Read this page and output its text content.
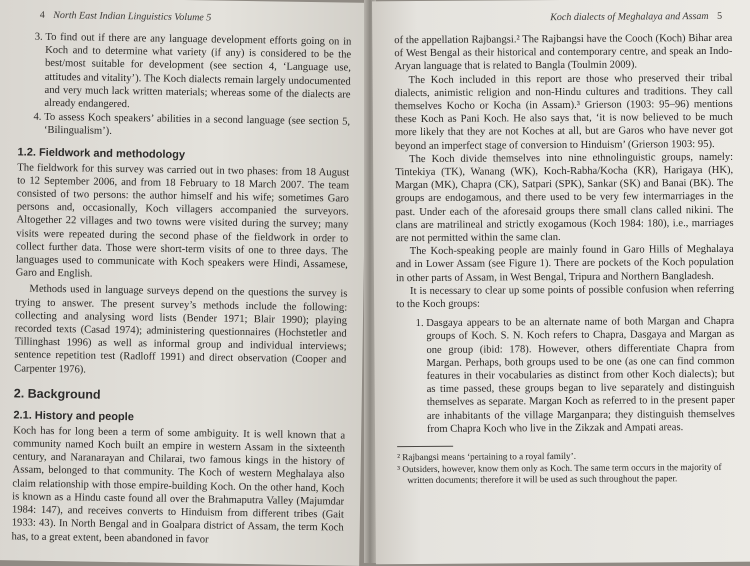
4 North East Indian Linguistics Volume 5
3. To find out if there are any language development efforts going on in Koch and to determine what variety (if any) is considered to be the best/most suitable for development (see section 4, ‘Language use, attitudes and vitality’). The Koch dialects remain largely undocumented and very much lack written materials; whereas some of the dialects are already endangered.
4. To assess Koch speakers’ abilities in a second language (see section 5, ‘Bilingualism’).
1.2. Fieldwork and methodology

The fieldwork for this survey was carried out in two phases: from 18 August to 12 September 2006, and from 18 February to 18 March 2007. The team consisted of two persons: the author himself and his wife; sometimes Garo persons and, occasionally, Koch villagers accompanied the surveyors. Altogether 22 villages and two towns were visited during the survey; many visits were repeated during the second phase of the fieldwork in order to collect further data. Those were short-term visits of one to three days. The languages used to communicate with Koch speakers were Hindi, Assamese, Garo and English.

Methods used in language surveys depend on the questions the survey is trying to answer. The present survey’s methods include the following: collecting and analysing word lists (Bender 1971; Blair 1990); playing recorded texts (Casad 1974); administering questionnaires (Hochstetler and Tillinghast 1996) as well as informal group and individual interviews; sentence repetition test (Radloff 1991) and direct observation (Cooper and Carpenter 1976).

2. Background
2.1. History and people

Koch has for long been a term of some ambiguity. It is well known that a community named Koch built an empire in western Assam in the sixteenth century, and Naranarayan and Chilarai, two famous kings in the history of Assam, belonged to that community. The Koch of western Meghalaya also claim relationship with those empire-building Koch. On the other hand, Koch is known as a Hindu caste found all over the Brahmaputra Valley (Majumdar 1984: 147), and receives converts to Hinduism from different tribes (Gait 1933: 43). In North Bengal and in Goalpara district of Assam, the term Koch has, to a great extent, been abandoned in favor

Koch dialects of Meghalaya and Assam 5

of the appellation Rajbangsi.² The Rajbangsi have the Cooch (Koch) Bihar area of West Bengal as their historical and contemporary centre, and speak an Indo-Aryan language that is related to Bangla (Toulmin 2009).

The Koch included in this report are those who preserved their tribal dialects, animistic religion and non-Hindu cultures and traditions. They call themselves Kocho or Kocha (in Assam).³ Grierson (1903: 95–96) mentions these Koch as Pani Koch. He also says that, ‘it is now believed to be much more likely that they are not Koches at all, but are Garos who have never got beyond an imperfect stage of conversion to Hinduism’ (Grierson 1903: 95).

The Koch divide themselves into nine ethnolinguistic groups, namely: Tintekiya (TK), Wanang (WK), Koch-Rabha/Kocha (KR), Harigaya (HK), Margan (MK), Chapra (CK), Satpari (SPK), Sankar (SK) and Banai (BK). The groups are endogamous, and there used to be very few intermarriages in the past. Under each of the aforesaid groups there small clans called nikini. The clans are matrilineal and strictly exogamous (Koch 1984: 180), i.e., marriages are not permitted within the same clan.

The Koch-speaking people are mainly found in Garo Hills of Meghalaya and in Lower Assam (see Figure 1). There are pockets of the Koch population in other parts of Assam, in West Bengal, Tripura and Northern Bangladesh.

It is necessary to clear up some points of possible confusion when referring to the Koch groups:

1. Dasgaya appears to be an alternate name of both Margan and Chapra groups of Koch. S. N. Koch refers to Chapra, Dasgaya and Margan as one group (ibid: 178). However, others differentiate Chapra from Margan. Perhaps, both groups used to be one (as one can find common features in their vocabularies as distinct from other Koch dialects); but as time passed, these groups began to live separately and distinguish themselves as separate. Margan Koch as referred to in the present paper are inhabitants of the village Marganpara; they distinguish themselves from Chapra Koch who live in the Zikzak and Ampati areas.

² Rajbangsi means ‘pertaining to a royal family’.

³ Outsiders, however, know them only as Koch. The same term occurs in the majority of written documents; therefore it will be used as such throughout the paper.
